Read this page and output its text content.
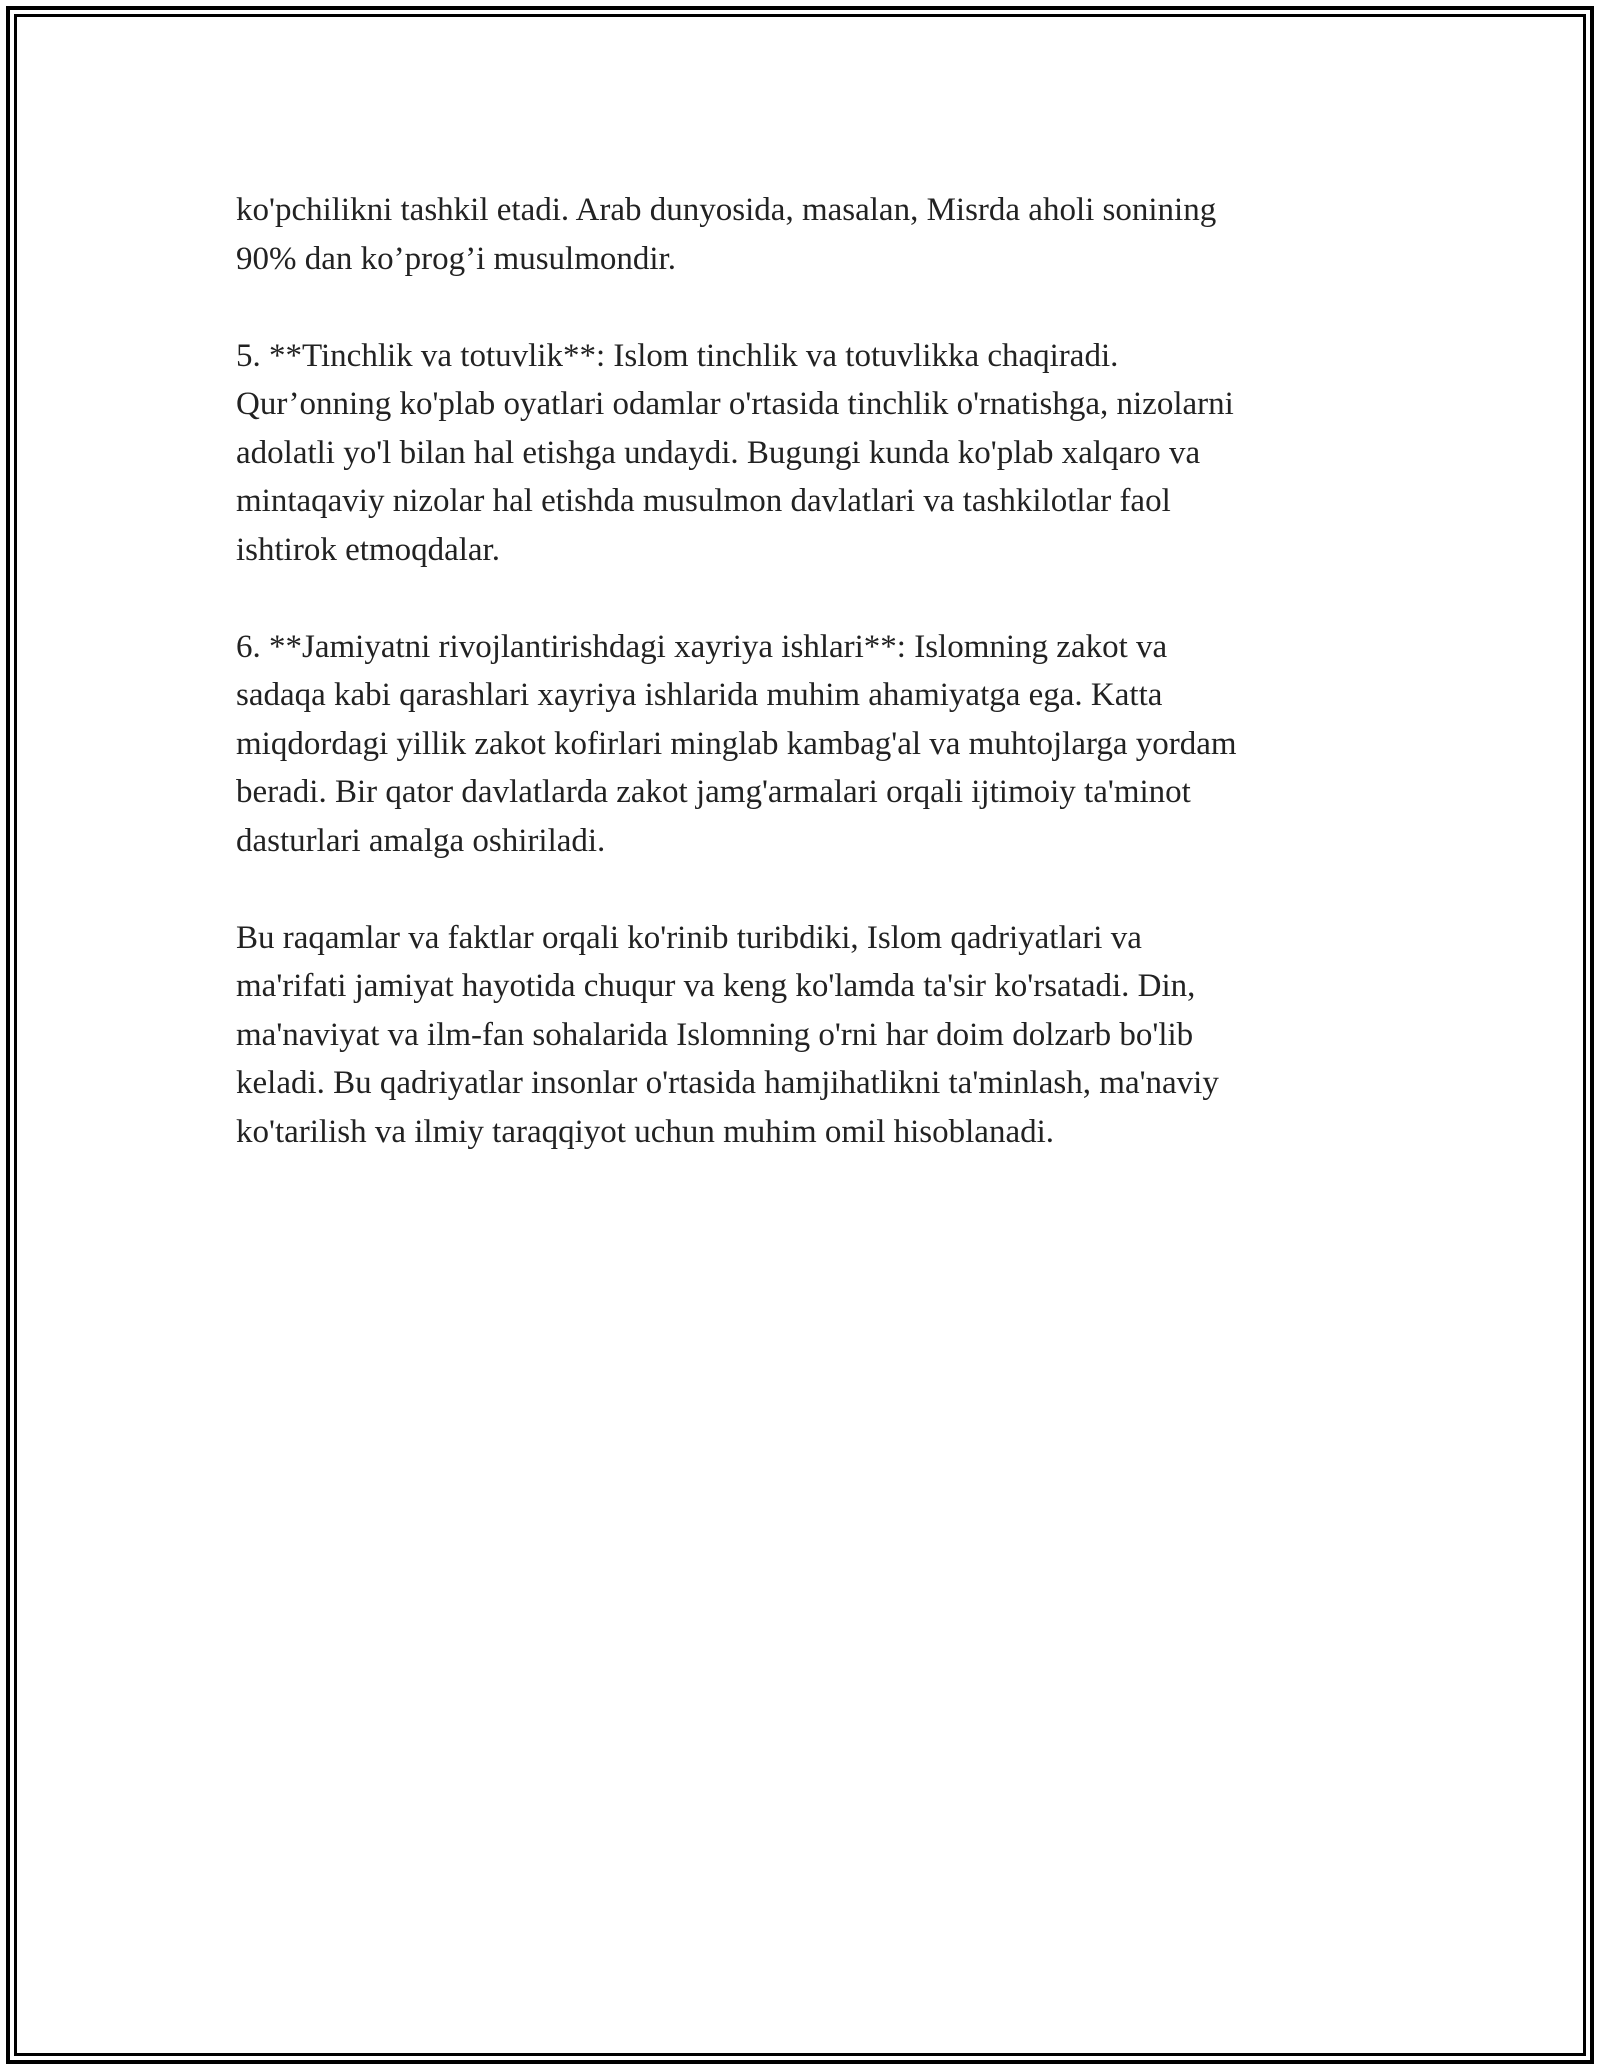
ko'pchilikni tashkil etadi. Arab dunyosida, masalan, Misrda aholi sonining
90% dan ko’prog’i musulmondir.
5. **Tinchlik va totuvlik**: Islom tinchlik va totuvlikka chaqiradi.
Qur’onning ko'plab oyatlari odamlar o'rtasida tinchlik o'rnatishga, nizolarni
adolatli yo'l bilan hal etishga undaydi. Bugungi kunda ko'plab xalqaro va
mintaqaviy nizolar hal etishda musulmon davlatlari va tashkilotlar faol
ishtirok etmoqdalar.
6. **Jamiyatni rivojlantirishdagi xayriya ishlari**: Islomning zakot va
sadaqa kabi qarashlari xayriya ishlarida muhim ahamiyatga ega. Katta
miqdordagi yillik zakot kofirlari minglab kambag'al va muhtojlarga yordam
beradi. Bir qator davlatlarda zakot jamg'armalari orqali ijtimoiy ta'minot
dasturlari amalga oshiriladi.
Bu raqamlar va faktlar orqali ko'rinib turibdiki, Islom qadriyatlari va
ma'rifati jamiyat hayotida chuqur va keng ko'lamda ta'sir ko'rsatadi. Din,
ma'naviyat va ilm-fan sohalarida Islomning o'rni har doim dolzarb bo'lib
keladi. Bu qadriyatlar insonlar o'rtasida hamjihatlikni ta'minlash, ma'naviy
ko'tarilish va ilmiy taraqqiyot uchun muhim omil hisoblanadi.
